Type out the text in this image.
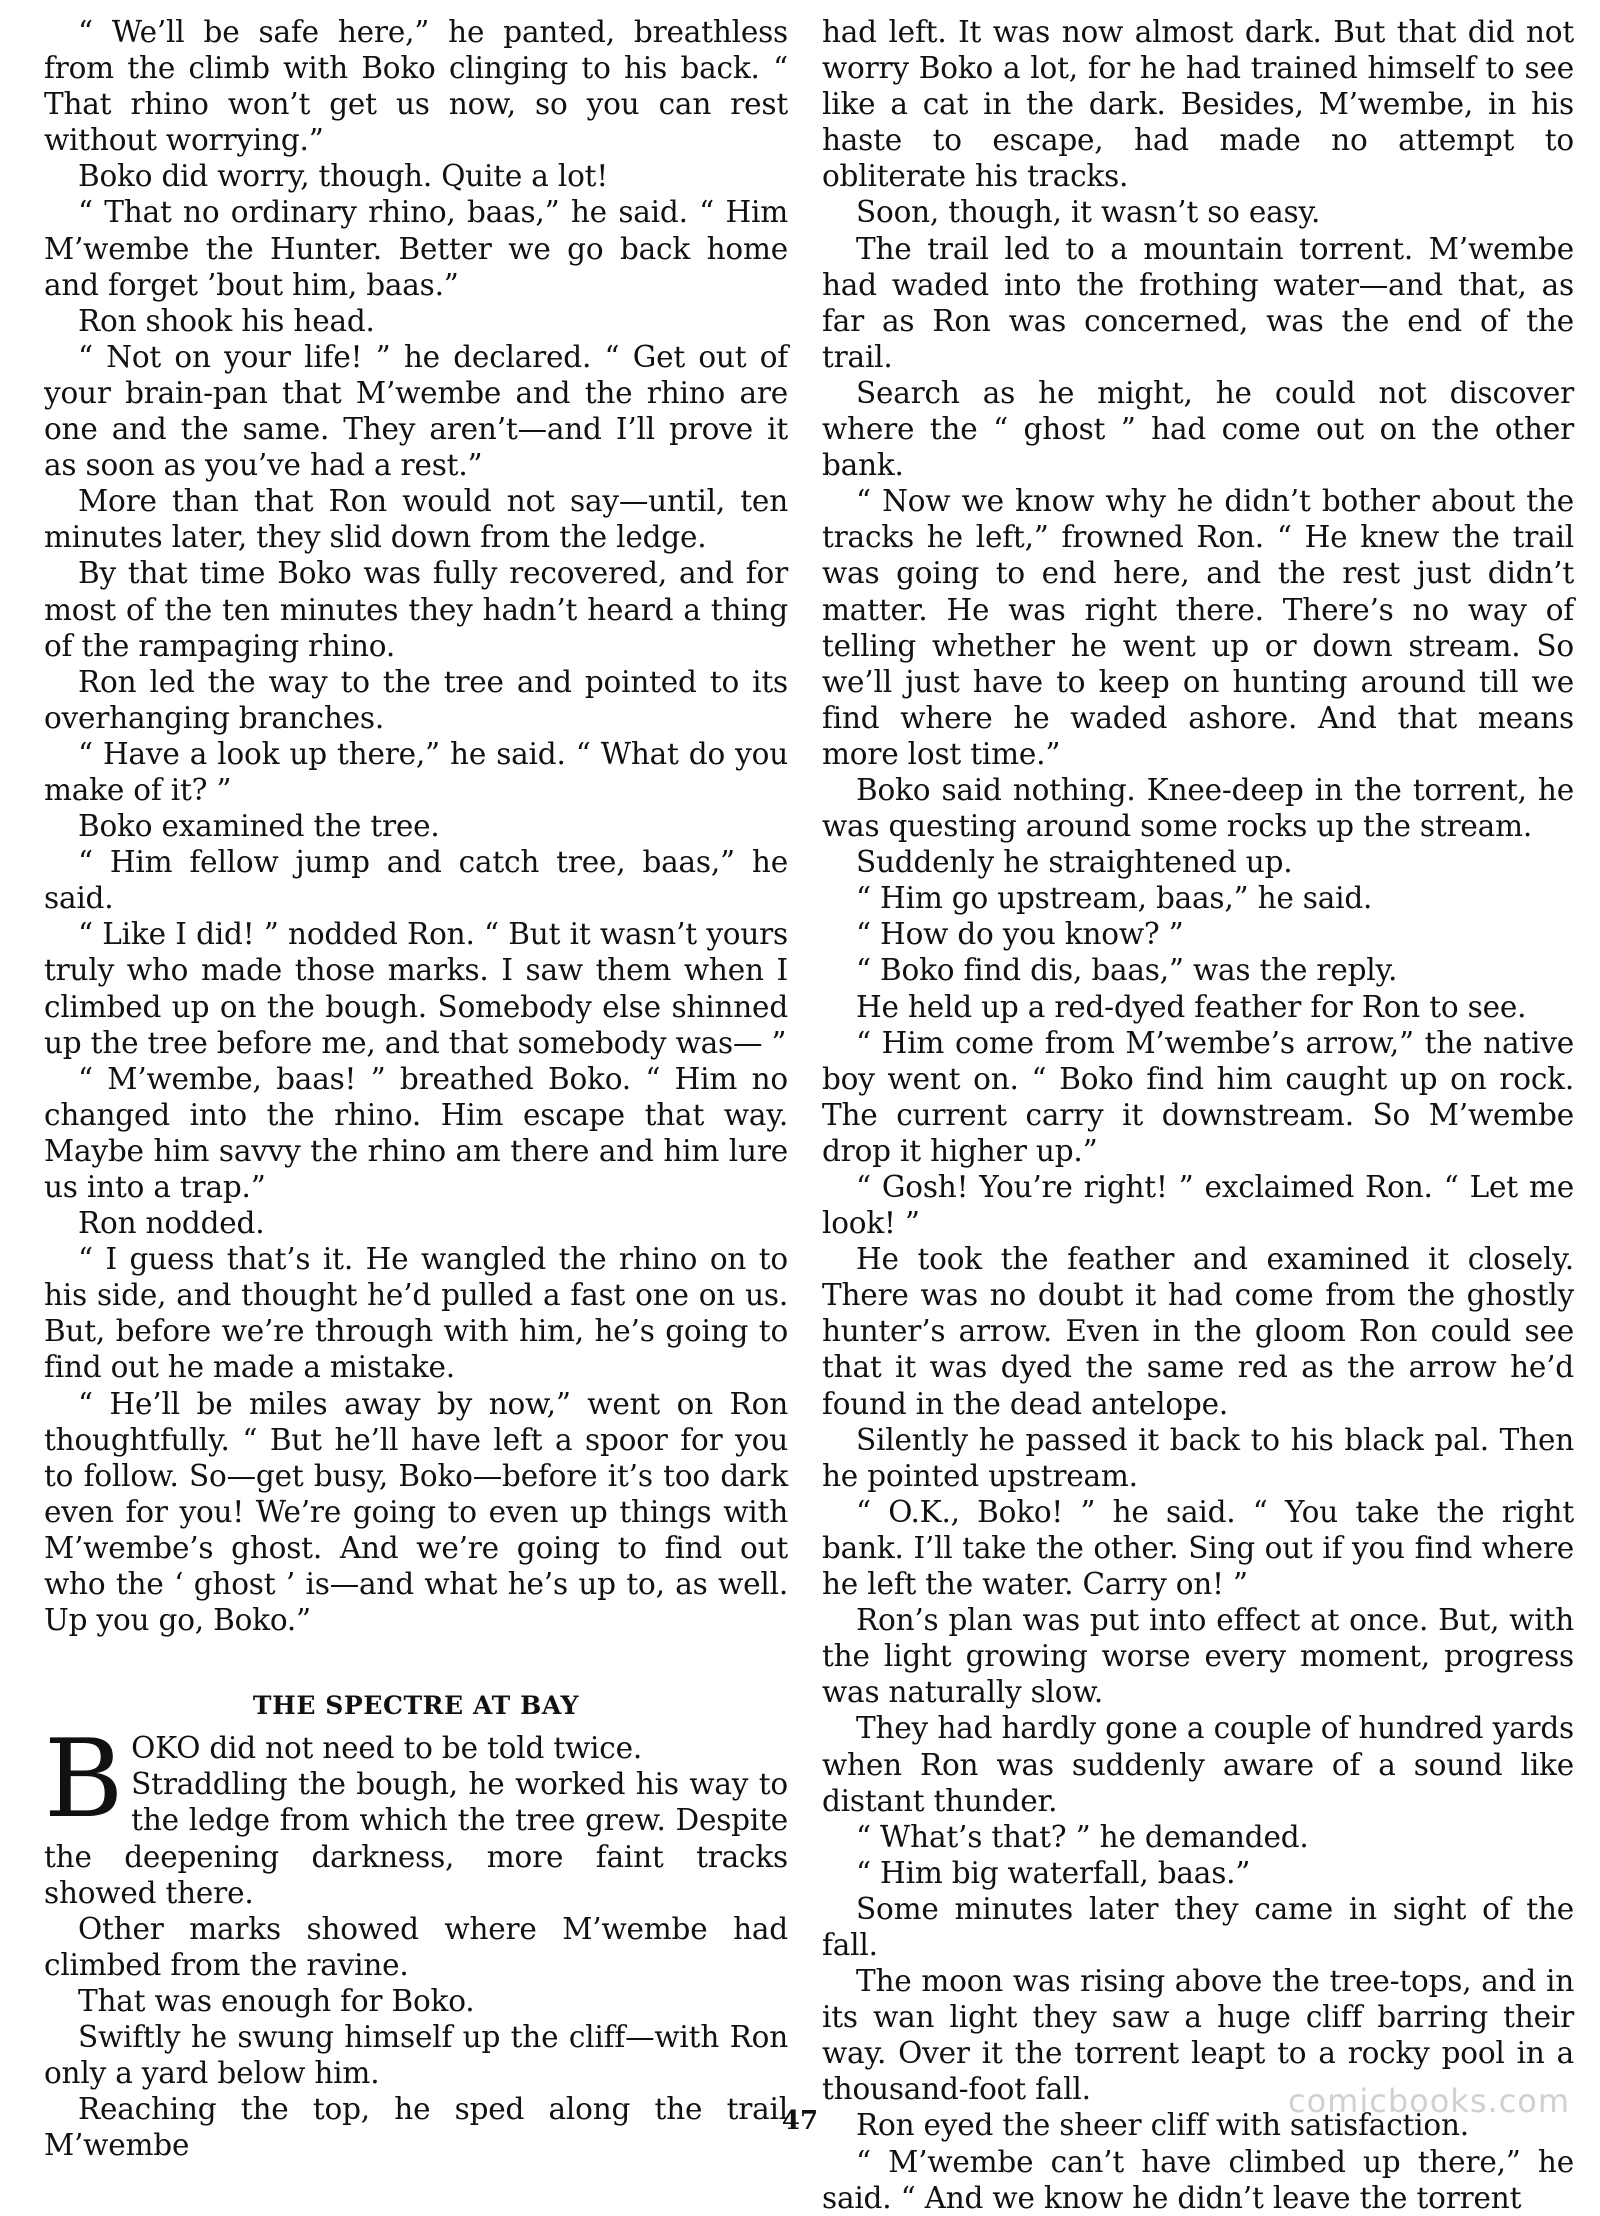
“ We’ll be safe here,” he panted, breathless from the climb with Boko clinging to his back. “ That rhino won’t get us now, so you can rest without worrying.”

Boko did worry, though. Quite a lot!

“ That no ordinary rhino, baas,” he said. “ Him M’wembe the Hunter. Better we go back home and forget ’bout him, baas.”

Ron shook his head.

“ Not on your life! ” he declared. “ Get out of your brain-pan that M’wembe and the rhino are one and the same. They aren’t—and I’ll prove it as soon as you’ve had a rest.”

More than that Ron would not say—until, ten minutes later, they slid down from the ledge.

By that time Boko was fully recovered, and for most of the ten minutes they hadn’t heard a thing of the rampaging rhino.

Ron led the way to the tree and pointed to its overhanging branches.

“ Have a look up there,” he said. “ What do you make of it? ”

Boko examined the tree.

“ Him fellow jump and catch tree, baas,” he said.

“ Like I did! ” nodded Ron. “ But it wasn’t yours truly who made those marks. I saw them when I climbed up on the bough. Somebody else shinned up the tree before me, and that somebody was— ”

“ M’wembe, baas! ” breathed Boko. “ Him no changed into the rhino. Him escape that way. Maybe him savvy the rhino am there and him lure us into a trap.”

Ron nodded.

“ I guess that’s it. He wangled the rhino on to his side, and thought he’d pulled a fast one on us. But, before we’re through with him, he’s going to find out he made a mistake.

“ He’ll be miles away by now,” went on Ron thoughtfully. “ But he’ll have left a spoor for you to follow. So—get busy, Boko—before it’s too dark even for you! We’re going to even up things with M’wembe’s ghost. And we’re going to find out who the ‘ ghost ’ is—and what he’s up to, as well. Up you go, Boko.”

THE SPECTRE AT BAY
B OKO did not need to be told twice.

Straddling the bough, he worked his way to the ledge from which the tree grew. Despite the deepening darkness, more faint tracks showed there.

Other marks showed where M’wembe had climbed from the ravine.

That was enough for Boko.

Swiftly he swung himself up the cliff—with Ron only a yard below him.

Reaching the top, he sped along the trail M’wembe

had left. It was now almost dark. But that did not worry Boko a lot, for he had trained himself to see like a cat in the dark. Besides, M’wembe, in his haste to escape, had made no attempt to obliterate his tracks.

Soon, though, it wasn’t so easy.

The trail led to a mountain torrent. M’wembe had waded into the frothing water—and that, as far as Ron was concerned, was the end of the trail.

Search as he might, he could not discover where the “ ghost ” had come out on the other bank.

“ Now we know why he didn’t bother about the tracks he left,” frowned Ron. “ He knew the trail was going to end here, and the rest just didn’t matter. He was right there. There’s no way of telling whether he went up or down stream. So we’ll just have to keep on hunting around till we find where he waded ashore. And that means more lost time.”

Boko said nothing. Knee-deep in the torrent, he was questing around some rocks up the stream.

Suddenly he straightened up.

“ Him go upstream, baas,” he said.

“ How do you know? ”

“ Boko find dis, baas,” was the reply.

He held up a red-dyed feather for Ron to see.

“ Him come from M’wembe’s arrow,” the native boy went on. “ Boko find him caught up on rock. The current carry it downstream. So M’wembe drop it higher up.”

“ Gosh! You’re right! ” exclaimed Ron. “ Let me look! ”

He took the feather and examined it closely. There was no doubt it had come from the ghostly hunter’s arrow. Even in the gloom Ron could see that it was dyed the same red as the arrow he’d found in the dead antelope.

Silently he passed it back to his black pal. Then he pointed upstream.

“ O.K., Boko! ” he said. “ You take the right bank. I’ll take the other. Sing out if you find where he left the water. Carry on! ”

Ron’s plan was put into effect at once. But, with the light growing worse every moment, progress was naturally slow.

They had hardly gone a couple of hundred yards when Ron was suddenly aware of a sound like distant thunder.

“ What’s that? ” he demanded.

“ Him big waterfall, baas.”

Some minutes later they came in sight of the fall.

The moon was rising above the tree-tops, and in its wan light they saw a huge cliff barring their way. Over it the torrent leapt to a rocky pool in a thousand-foot fall.

Ron eyed the sheer cliff with satisfaction.

“ M’wembe can’t have climbed up there,” he said. “ And we know he didn’t leave the torrent

47
comicbooks.com
